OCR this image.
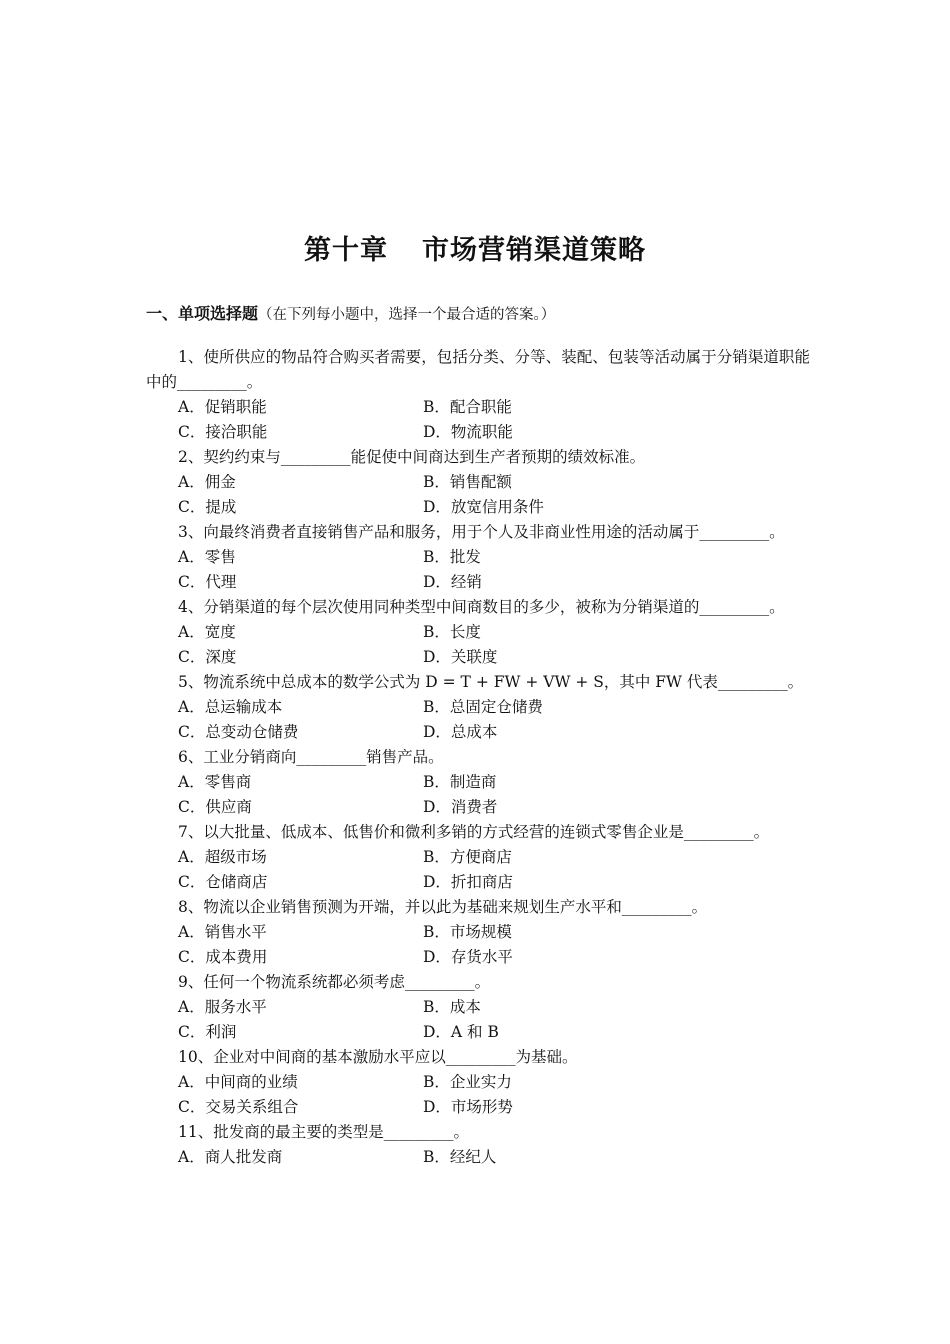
第十章 市场营销渠道策略
一、单项选择题（在下列每小题中，选择一个最合适的答案。）

1、使所供应的物品符合购买者需要，包括分类、分等、装配、包装等活动属于分销渠道职能中的_________。

A．促销职能	B．配合职能
C．接洽职能	D．物流职能

2、契约约束与_________能促使中间商达到生产者预期的绩效标准。

A．佣金	B．销售配额
C．提成	D．放宽信用条件

3、向最终消费者直接销售产品和服务，用于个人及非商业性用途的活动属于_________。

A．零售	B．批发
C．代理	D．经销

4、分销渠道的每个层次使用同种类型中间商数目的多少，被称为分销渠道的_________。

A．宽度	B．长度
C．深度	D．关联度

5、物流系统中总成本的数学公式为 D = T + FW + VW + S，其中 FW 代表_________。

A．总运输成本	B．总固定仓储费
C．总变动仓储费	D．总成本

6、工业分销商向_________销售产品。

A．零售商	B．制造商
C．供应商	D．消费者

7、以大批量、低成本、低售价和微利多销的方式经营的连锁式零售企业是_________。

A．超级市场	B．方便商店
C．仓储商店	D．折扣商店

8、物流以企业销售预测为开端，并以此为基础来规划生产水平和_________。

A．销售水平	B．市场规模
C．成本费用	D．存货水平

9、任何一个物流系统都必须考虑_________。

A．服务水平	B．成本
C．利润	D．A 和 B

10、企业对中间商的基本激励水平应以_________为基础。

A．中间商的业绩	B．企业实力
C．交易关系组合	D．市场形势

11、批发商的最主要的类型是_________。

A．商人批发商	B．经纪人
